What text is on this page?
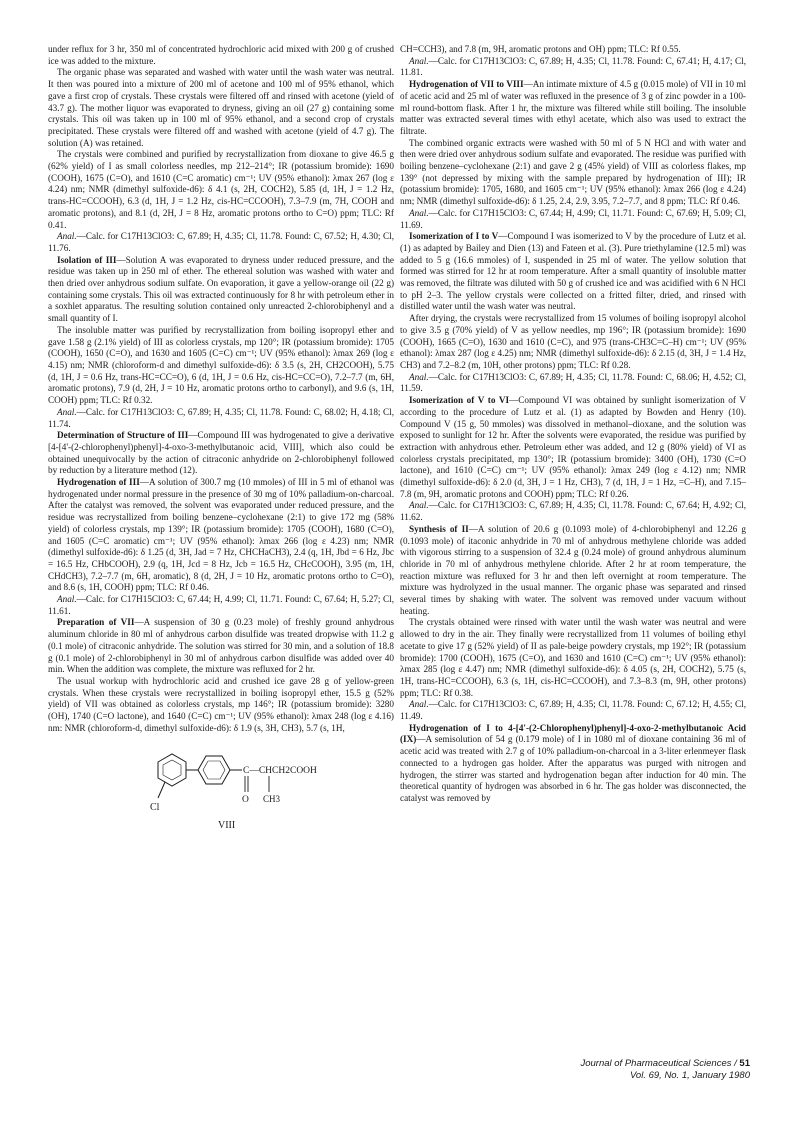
under reflux for 3 hr, 350 ml of concentrated hydrochloric acid mixed with 200 g of crushed ice was added to the mixture.

The organic phase was separated and washed with water until the wash water was neutral. It then was poured into a mixture of 200 ml of acetone and 100 ml of 95% ethanol, which gave a first crop of crystals. These crystals were filtered off and rinsed with acetone (yield of 43.7 g). The mother liquor was evaporated to dryness, giving an oil (27 g) containing some crystals. This oil was taken up in 100 ml of 95% ethanol, and a second crop of crystals precipitated. These crystals were filtered off and washed with acetone (yield of 4.7 g). The solution (A) was retained.

The crystals were combined and purified by recrystallization from dioxane to give 46.5 g (62% yield) of I as small colorless needles, mp 212–214°; IR (potassium bromide): 1690 (COOH), 1675 (C=O), and 1610 (C=C aromatic) cm⁻¹; UV (95% ethanol): λmax 267 (log ε 4.24) nm; NMR (dimethyl sulfoxide-d6): δ 4.1 (s, 2H, COCH2), 5.85 (d, 1H, J = 1.2 Hz, trans-HC=CCOOH), 6.3 (d, 1H, J = 1.2 Hz, cis-HC=CCOOH), 7.3–7.9 (m, 7H, COOH and aromatic protons), and 8.1 (d, 2H, J = 8 Hz, aromatic protons ortho to C=O) ppm; TLC: Rf 0.41.

Anal.—Calc. for C17H13ClO3: C, 67.89; H, 4.35; Cl, 11.78. Found: C, 67.52; H, 4.30; Cl, 11.76.

Isolation of III—Solution A was evaporated to dryness under reduced pressure, and the residue was taken up in 250 ml of ether. The ethereal solution was washed with water and then dried over anhydrous sodium sulfate. On evaporation, it gave a yellow-orange oil (22 g) containing some crystals. This oil was extracted continuously for 8 hr with petroleum ether in a soxhlet apparatus. The resulting solution contained only unreacted 2-chlorobiphenyl and a small quantity of I.

The insoluble matter was purified by recrystallization from boiling isopropyl ether and gave 1.58 g (2.1% yield) of III as colorless crystals, mp 120°; IR (potassium bromide): 1705 (COOH), 1650 (C=O), and 1630 and 1605 (C=C) cm⁻¹; UV (95% ethanol): λmax 269 (log ε 4.15) nm; NMR (chloroform-d and dimethyl sulfoxide-d6): δ 3.5 (s, 2H, CH2COOH), 5.75 (d, 1H, J = 0.6 Hz, trans-HC=CC=O), 6 (d, 1H, J = 0.6 Hz, cis-HC=CC=O), 7.2–7.7 (m, 6H, aromatic protons), 7.9 (d, 2H, J = 10 Hz, aromatic protons ortho to carbonyl), and 9.6 (s, 1H, COOH) ppm; TLC: Rf 0.32.

Anal.—Calc. for C17H13ClO3: C, 67.89; H, 4.35; Cl, 11.78. Found: C, 68.02; H, 4.18; Cl, 11.74.

Determination of Structure of III—Compound III was hydrogenated to give a derivative [4-[4'-(2-chlorophenyl)phenyl]-4-oxo-3-methylbutanoic acid, VIII], which also could be obtained unequivocally by the action of citraconic anhydride on 2-chlorobiphenyl followed by reduction by a literature method (12).

Hydrogenation of III—A solution of 300.7 mg (10 mmoles) of III in 5 ml of ethanol was hydrogenated under normal pressure in the presence of 30 mg of 10% palladium-on-charcoal. After the catalyst was removed, the solvent was evaporated under reduced pressure, and the residue was recrystallized from boiling benzene–cyclohexane (2:1) to give 172 mg (58% yield) of colorless crystals, mp 139°; IR (potassium bromide): 1705 (COOH), 1680 (C=O), and 1605 (C=C aromatic) cm⁻¹; UV (95% ethanol): λmax 266 (log ε 4.23) nm; NMR (dimethyl sulfoxide-d6): δ 1.25 (d, 3H, Jad = 7 Hz, CHCHaCH3), 2.4 (q, 1H, Jbd = 6 Hz, Jbc = 16.5 Hz, CHbCOOH), 2.9 (q, 1H, Jcd = 8 Hz, Jcb = 16.5 Hz, CHcCOOH), 3.95 (m, 1H, CHdCH3), 7.2–7.7 (m, 6H, aromatic), 8 (d, 2H, J = 10 Hz, aromatic protons ortho to C=O), and 8.6 (s, 1H, COOH) ppm; TLC: Rf 0.46.

Anal.—Calc. for C17H15ClO3: C, 67.44; H, 4.99; Cl, 11.71. Found: C, 67.64; H, 5.27; Cl, 11.61.

Preparation of VII—A suspension of 30 g (0.23 mole) of freshly ground anhydrous aluminum chloride in 80 ml of anhydrous carbon disulfide was treated dropwise with 11.2 g (0.1 mole) of citraconic anhydride. The solution was stirred for 30 min, and a solution of 18.8 g (0.1 mole) of 2-chlorobiphenyl in 30 ml of anhydrous carbon disulfide was added over 40 min. When the addition was complete, the mixture was refluxed for 2 hr.

The usual workup with hydrochloric acid and crushed ice gave 28 g of yellow-green crystals. When these crystals were recrystallized in boiling isopropyl ether, 15.5 g (52% yield) of VII was obtained as colorless crystals, mp 146°; IR (potassium bromide): 3280 (OH), 1740 (C=O lactone), and 1640 (C=C) cm⁻¹; UV (95% ethanol): λmax 248 (log ε 4.16) nm: NMR (chloroform-d, dimethyl sulfoxide-d6): δ 1.9 (s, 3H, CH3), 5.7 (s, 1H,

Cl
C—CHCH2COOH
O CH3
VIII

CH=CCH3), and 7.8 (m, 9H, aromatic protons and OH) ppm; TLC: Rf 0.55.

Anal.—Calc. for C17H13ClO3: C, 67.89; H, 4.35; Cl, 11.78. Found: C, 67.41; H, 4.17; Cl, 11.81.

Hydrogenation of VII to VIII—An intimate mixture of 4.5 g (0.015 mole) of VII in 10 ml of acetic acid and 25 ml of water was refluxed in the presence of 3 g of zinc powder in a 100-ml round-bottom flask. After 1 hr, the mixture was filtered while still boiling. The insoluble matter was extracted several times with ethyl acetate, which also was used to extract the filtrate.

The combined organic extracts were washed with 50 ml of 5 N HCl and with water and then were dried over anhydrous sodium sulfate and evaporated. The residue was purified with boiling benzene–cyclohexane (2:1) and gave 2 g (45% yield) of VIII as colorless flakes, mp 139° (not depressed by mixing with the sample prepared by hydrogenation of III); IR (potassium bromide): 1705, 1680, and 1605 cm⁻¹; UV (95% ethanol): λmax 266 (log ε 4.24) nm; NMR (dimethyl sulfoxide-d6): δ 1.25, 2.4, 2.9, 3.95, 7.2–7.7, and 8 ppm; TLC: Rf 0.46.

Anal.—Calc. for C17H15ClO3: C, 67.44; H, 4.99; Cl, 11.71. Found: C, 67.69; H, 5.09; Cl, 11.69.

Isomerization of I to V—Compound I was isomerized to V by the procedure of Lutz et al. (1) as adapted by Bailey and Dien (13) and Fateen et al. (3). Pure triethylamine (12.5 ml) was added to 5 g (16.6 mmoles) of I, suspended in 25 ml of water. The yellow solution that formed was stirred for 12 hr at room temperature. After a small quantity of insoluble matter was removed, the filtrate was diluted with 50 g of crushed ice and was acidified with 6 N HCl to pH 2–3. The yellow crystals were collected on a fritted filter, dried, and rinsed with distilled water until the wash water was neutral.

After drying, the crystals were recrystallized from 15 volumes of boiling isopropyl alcohol to give 3.5 g (70% yield) of V as yellow needles, mp 196°; IR (potassium bromide): 1690 (COOH), 1665 (C=O), 1630 and 1610 (C=C), and 975 (trans-CH3C=C–H) cm⁻¹; UV (95% ethanol): λmax 287 (log ε 4.25) nm; NMR (dimethyl sulfoxide-d6): δ 2.15 (d, 3H, J = 1.4 Hz, CH3) and 7.2–8.2 (m, 10H, other protons) ppm; TLC: Rf 0.28.

Anal.—Calc. for C17H13ClO3: C, 67.89; H, 4.35; Cl, 11.78. Found: C, 68.06; H, 4.52; Cl, 11.59.

Isomerization of V to VI—Compound VI was obtained by sunlight isomerization of V according to the procedure of Lutz et al. (1) as adapted by Bowden and Henry (10). Compound V (15 g, 50 mmoles) was dissolved in methanol–dioxane, and the solution was exposed to sunlight for 12 hr. After the solvents were evaporated, the residue was purified by extraction with anhydrous ether. Petroleum ether was added, and 12 g (80% yield) of VI as colorless crystals precipitated, mp 130°; IR (potassium bromide): 3400 (OH), 1730 (C=O lactone), and 1610 (C=C) cm⁻¹; UV (95% ethanol): λmax 249 (log ε 4.12) nm; NMR (dimethyl sulfoxide-d6): δ 2.0 (d, 3H, J = 1 Hz, CH3), 7 (d, 1H, J = 1 Hz, =C–H), and 7.15–7.8 (m, 9H, aromatic protons and COOH) ppm; TLC: Rf 0.26.

Anal.—Calc. for C17H13ClO3: C, 67.89; H, 4.35; Cl, 11.78. Found: C, 67.64; H, 4.92; Cl, 11.62.

Synthesis of II—A solution of 20.6 g (0.1093 mole) of 4-chlorobiphenyl and 12.26 g (0.1093 mole) of itaconic anhydride in 70 ml of anhydrous methylene chloride was added with vigorous stirring to a suspension of 32.4 g (0.24 mole) of ground anhydrous aluminum chloride in 70 ml of anhydrous methylene chloride. After 2 hr at room temperature, the reaction mixture was refluxed for 3 hr and then left overnight at room temperature. The mixture was hydrolyzed in the usual manner. The organic phase was separated and rinsed several times by shaking with water. The solvent was removed under vacuum without heating.

The crystals obtained were rinsed with water until the wash water was neutral and were allowed to dry in the air. They finally were recrystallized from 11 volumes of boiling ethyl acetate to give 17 g (52% yield) of II as pale-beige powdery crystals, mp 192°; IR (potassium bromide): 1700 (COOH), 1675 (C=O), and 1630 and 1610 (C=C) cm⁻¹; UV (95% ethanol): λmax 285 (log ε 4.47) nm; NMR (dimethyl sulfoxide-d6): δ 4.05 (s, 2H, COCH2), 5.75 (s, 1H, trans-HC=CCOOH), 6.3 (s, 1H, cis-HC=CCOOH), and 7.3–8.3 (m, 9H, other protons) ppm; TLC: Rf 0.38.

Anal.—Calc. for C17H13ClO3: C, 67.89; H, 4.35; Cl, 11.78. Found: C, 67.12; H, 4.55; Cl, 11.49.

Hydrogenation of I to 4-[4'-(2-Chlorophenyl)phenyl]-4-oxo-2-methylbutanoic Acid (IX)—A semisolution of 54 g (0.179 mole) of I in 1080 ml of dioxane containing 36 ml of acetic acid was treated with 2.7 g of 10% palladium-on-charcoal in a 3-liter erlenmeyer flask connected to a hydrogen gas holder. After the apparatus was purged with nitrogen and hydrogen, the stirrer was started and hydrogenation began after induction for 40 min. The theoretical quantity of hydrogen was absorbed in 6 hr. The gas holder was disconnected, the catalyst was removed by

Journal of Pharmaceutical Sciences / 51
Vol. 69, No. 1, January 1980
